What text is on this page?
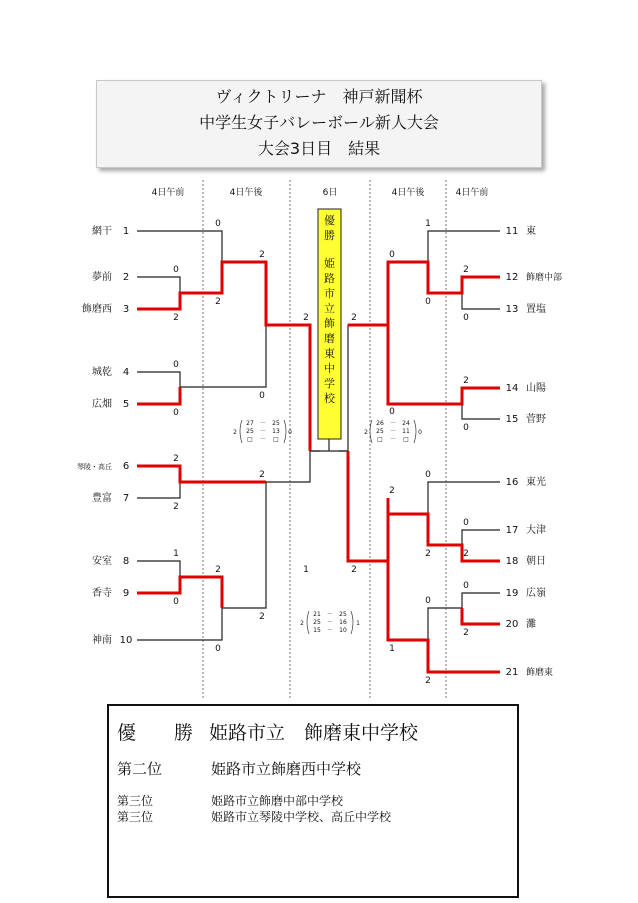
ヴィクトリーナ　神戸新聞杯
中学生女子バレーボール新人大会
大会3日目　結果
4日午前	4日午後	6日	4日午後	4日午前
優
勝
姫
路
市
立
飾
磨
東
中
学
校
網干
夢前
飾磨西
城乾
広畑
琴陵・高丘
豊富
安室
香寺
神南
1
2
3
4
5
6
7
8
9
10
11
12
13
14
15
16
17
18
19
20
21
東
飾磨中部
置塩
山陽
菅野
東光
大津
朝日
広嶺
灘
飾磨東
0
0
2
2
2
2
0
0
0
2
2
2
1
0
2
0
2
1
2
1
0
0
2
0
2
0
0
2
2
0
2
1
0
2
0
0
2
2
2
27 － 25
25 － 13
□ － □
0	2
26 － 24
25 － 11
□ － □
0
2
21 － 25
25 － 16
15 － 10
1
優　　勝 姫路市立　飾磨東中学校
第二位	姫路市立飾磨西中学校
第三位	姫路市立飾磨中部中学校
第三位	姫路市立琴陵中学校、高丘中学校
